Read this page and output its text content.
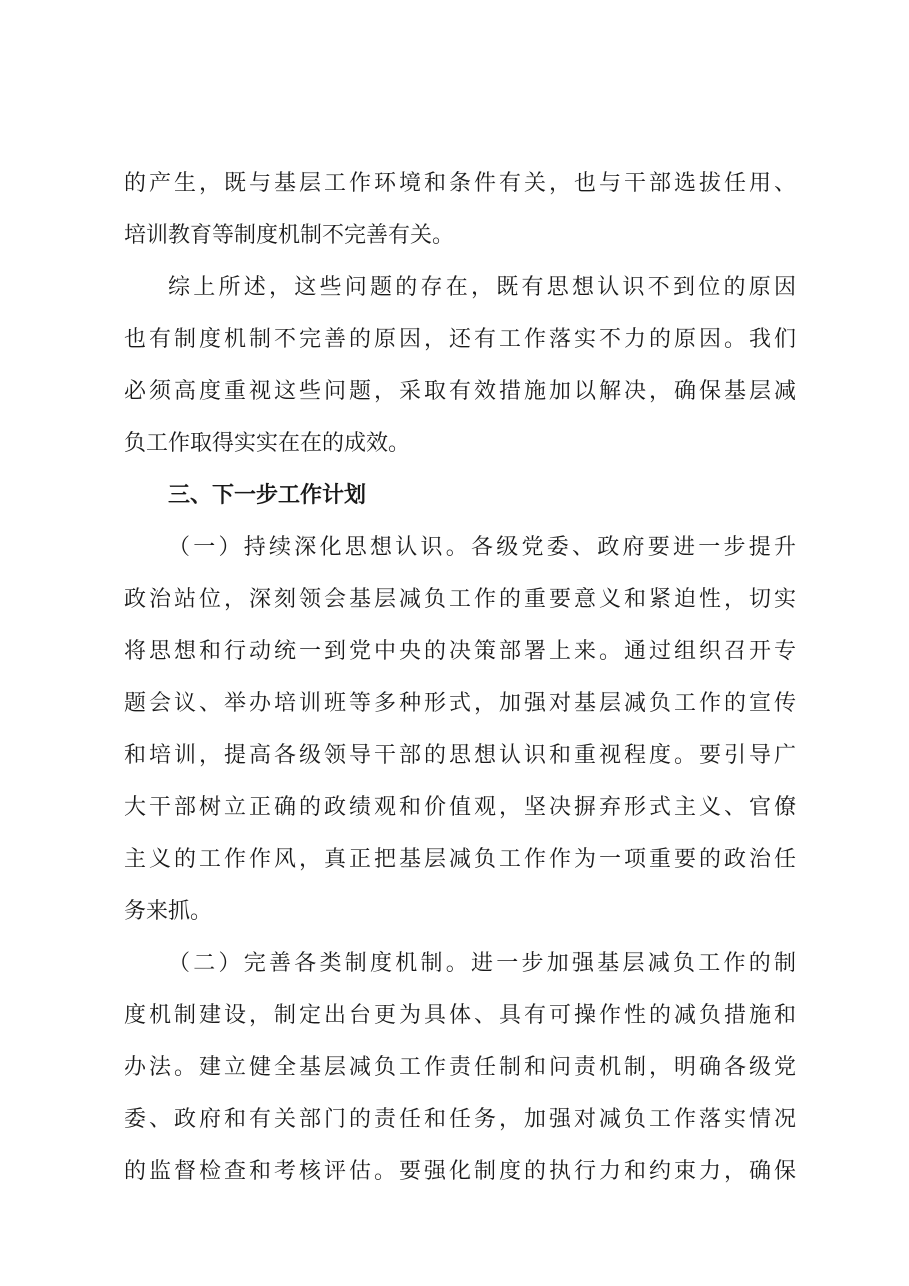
的产生，既与基层工作环境和条件有关，也与干部选拔任用、
培训教育等制度机制不完善有关。
综上所述，这些问题的存在，既有思想认识不到位的原因
也有制度机制不完善的原因，还有工作落实不力的原因。我们
必须高度重视这些问题，采取有效措施加以解决，确保基层减
负工作取得实实在在的成效。
三、下一步工作计划
（一）持续深化思想认识。各级党委、政府要进一步提升
政治站位，深刻领会基层减负工作的重要意义和紧迫性，切实
将思想和行动统一到党中央的决策部署上来。通过组织召开专
题会议、举办培训班等多种形式，加强对基层减负工作的宣传
和培训，提高各级领导干部的思想认识和重视程度。要引导广
大干部树立正确的政绩观和价值观，坚决摒弃形式主义、官僚
主义的工作作风，真正把基层减负工作作为一项重要的政治任
务来抓。
（二）完善各类制度机制。进一步加强基层减负工作的制
度机制建设，制定出台更为具体、具有可操作性的减负措施和
办法。建立健全基层减负工作责任制和问责机制，明确各级党
委、政府和有关部门的责任和任务，加强对减负工作落实情况
的监督检查和考核评估。要强化制度的执行力和约束力，确保
